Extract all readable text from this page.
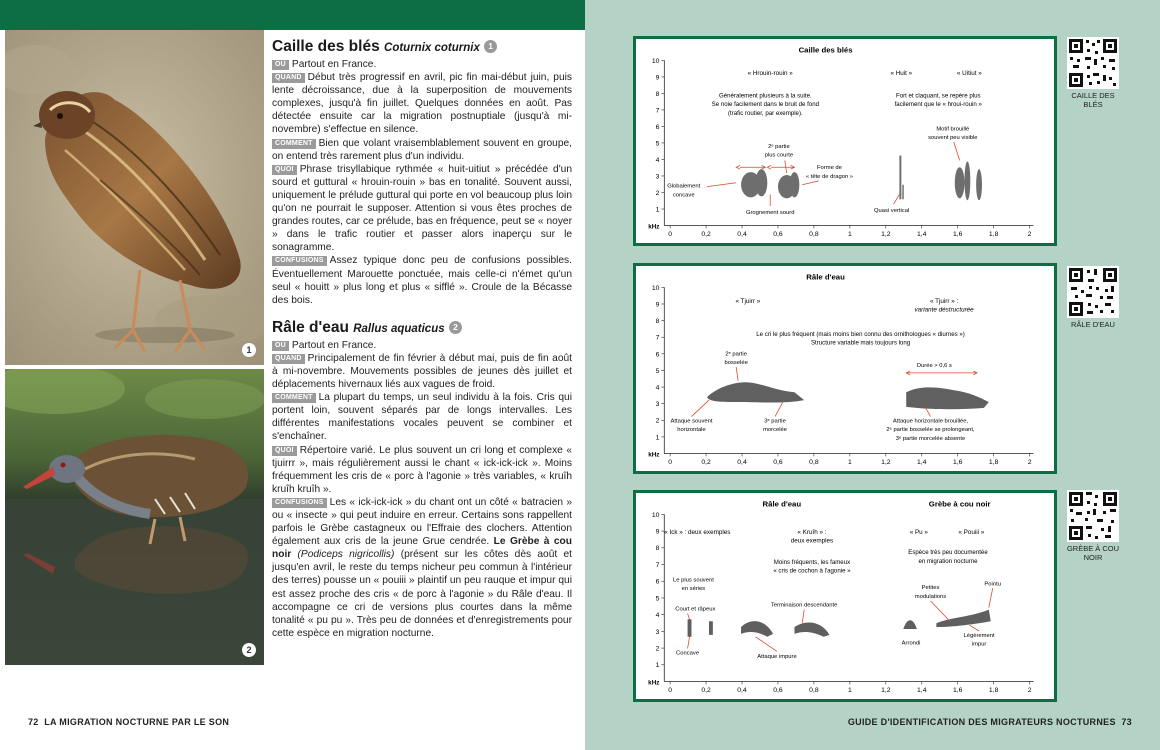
1
2
Caille des blés Coturnix coturnix 1

OÙ Partout en France.

QUAND Début très progressif en avril, pic fin mai-début juin, puis lente décroissance, due à la superposition de mouvements complexes, jusqu'à fin juillet. Quelques données en août. Pas détectée ensuite car la migration postnuptiale (jusqu'à mi-novembre) s'effectue en silence.

COMMENT Bien que volant vraisemblablement souvent en groupe, on entend très rarement plus d'un individu.

QUOI Phrase trisyllabique rythmée « huit-uitiut » précédée d'un sourd et guttural « hrouin-rouin » bas en tonalité. Souvent aussi, uniquement le prélude guttural qui porte en vol beaucoup plus loin qu'on ne pourrait le supposer. Attention si vous êtes proches de grandes routes, car ce prélude, bas en fréquence, peut se « noyer » dans le trafic routier et passer alors inaperçu sur le sonagramme.

CONFUSIONS Assez typique donc peu de confusions possibles. Éventuellement Marouette ponctuée, mais celle-ci n'émet qu'un seul « houitt » plus long et plus « sifflé ». Croule de la Bécasse des bois.

Râle d'eau Rallus aquaticus 2

OÙ Partout en France.

QUAND Principalement de fin février à début mai, puis de fin août à mi-novembre. Mouvements possibles de jeunes dès juillet et déplacements hivernaux liés aux vagues de froid.

COMMENT La plupart du temps, un seul individu à la fois. Cris qui portent loin, souvent séparés par de longs intervalles. Les différentes manifestations vocales peuvent se combiner et s'enchaîner.

QUOI Répertoire varié. Le plus souvent un cri long et complexe « tjuirrr », mais régulièrement aussi le chant « ick-ick-ick ». Moins fréquemment les cris de « porc à l'agonie » très variables, « kruîh kruîh kruîh ».

CONFUSIONS Les « ick-ick-ick » du chant ont un côté « batracien » ou « insecte » qui peut induire en erreur. Certains sons rappellent parfois le Grèbe castagneux ou l'Effraie des clochers. Attention également aux cris de la jeune Grue cendrée. Le Grèbe à cou noir (Podiceps nigricollis) (présent sur les côtes dès août et jusqu'en avril, le reste du temps nicheur peu commun à l'intérieur des terres) pousse un « pouiii » plaintif un peu rauque et impur qui est assez proche des cris « de porc à l'agonie » du Râle d'eau. Il accompagne ce cri de versions plus courtes dans la même tonalité « pu pu ». Très peu de données et d'enregistrements pour cette espèce en migration nocturne.

72 LA MIGRATION NOCTURNE PAR LE SON
1
2
3
4
5
6
7
8
9
10
kHz
0	0,2	0,4	0,6	0,8	1	1,2	1,4	1,6	1,8	2
Caille des blés
« Hrouin-rouin »	« Huit »	« Uitiut »
Généralement plusieurs à la suite.
Se noie facilement dans le bruit de fond
(trafic routier, par exemple).
Fort et claquant, se repère plus
facilement que le « hroui-rouin »
2ᵉ partie
plus courte
Forme de
« tête de dragon »
Motif brouillé
souvent peu visible
Globalement
concave
Grognement sourd	Quasi vertical
1
2
3
4
5
6
7
8
9
10
kHz
0	0,2	0,4	0,6	0,8	1	1,2	1,4	1,6	1,8	2
Râle d'eau
« Tjuirr »	« Tjuirr » :
variante déstructurée
Le cri le plus fréquent (mais moins bien connu des ornithologues « diurnes »)
Structure variable mais toujours long
2ᵉ partie
bosselée	Durée > 0,6 s
Attaque souvent
horizontale
3ᵉ partie
morcelée
Attaque horizontale brouillée,
2ᵉ partie bosselée se prolongeant,
3ᵉ partie morcelée absente
1
2
3
4
5
6
7
8
9
10
kHz
0	0,2	0,4	0,6	0,8	1	1,2	1,4	1,6	1,8	2
Râle d'eau	Grèbe à cou noir
« Ick » : deux exemples	« Kruîh » :
deux exemples
« Pu »	« Pouiii »
Moins fréquents, les fameux
« cris de cochon à l'agonie »
Espèce très peu documentée
en migration nocturne
Le plus souvent
en séries
Court et râpeux
Terminaison descendante
Petites
modulations
Pointu
Concave
Attaque impure
Arrondi
Légèrement
impur
CAILLE DES BLÉS
RÂLE D'EAU
GRÈBE À COU NOIR
GUIDE D'IDENTIFICATION DES MIGRATEURS NOCTURNES 73
